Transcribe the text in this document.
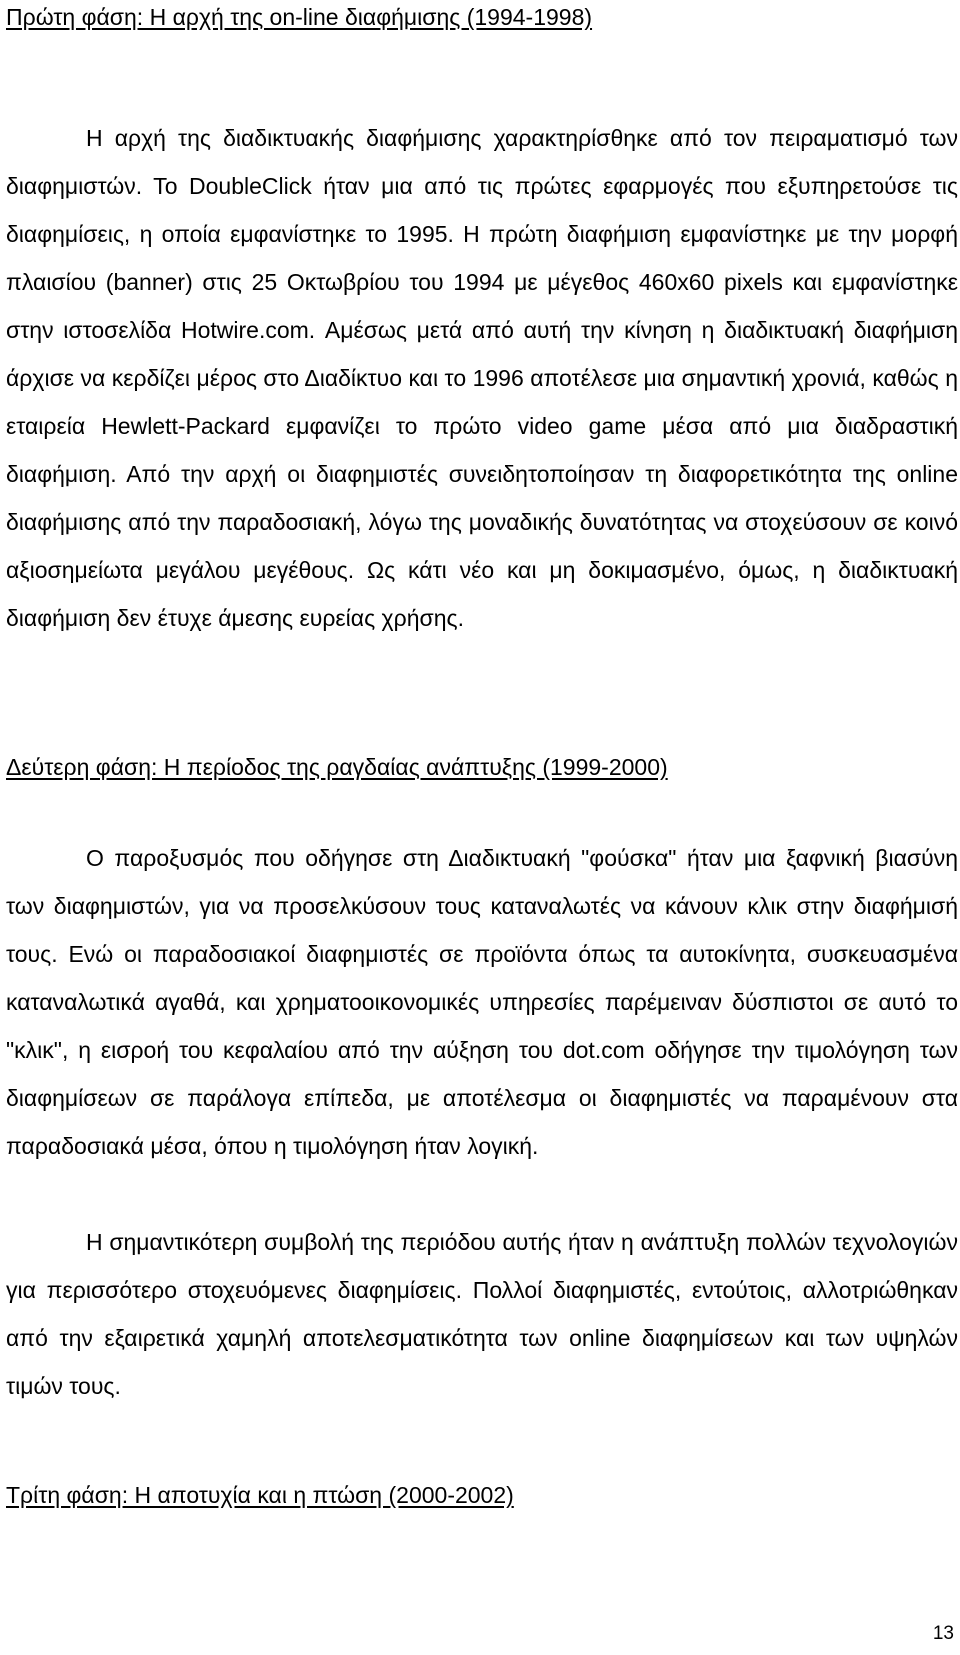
Πρώτη φάση: Η αρχή της on-line διαφήμισης (1994-1998)

Η αρχή της διαδικτυακής διαφήμισης χαρακτηρίσθηκε από τον πειραματισμό των διαφημιστών. Το DoubleClick ήταν μια από τις πρώτες εφαρμογές που εξυπηρετούσε τις διαφημίσεις, η οποία εμφανίστηκε το 1995. Η πρώτη διαφήμιση εμφανίστηκε με την μορφή πλαισίου (banner) στις 25 Οκτωβρίου του 1994 με μέγεθος 460x60 pixels και εμφανίστηκε στην ιστοσελίδα Hotwire.com. Αμέσως μετά από αυτή την κίνηση η διαδικτυακή διαφήμιση άρχισε να κερδίζει μέρος στο Διαδίκτυο και το 1996 αποτέλεσε μια σημαντική χρονιά, καθώς η εταιρεία Hewlett-Packard εμφανίζει το πρώτο video game μέσα από μια διαδραστική διαφήμιση. Από την αρχή οι διαφημιστές συνειδητοποίησαν τη διαφορετικότητα της online διαφήμισης από την παραδοσιακή, λόγω της μοναδικής δυνατότητας να στοχεύσουν σε κοινό αξιοσημείωτα μεγάλου μεγέθους. Ως κάτι νέο και μη δοκιμασμένο, όμως, η διαδικτυακή διαφήμιση δεν έτυχε άμεσης ευρείας χρήσης.

Δεύτερη φάση: Η περίοδος της ραγδαίας ανάπτυξης (1999-2000)

Ο παροξυσμός που οδήγησε στη Διαδικτυακή "φούσκα" ήταν μια ξαφνική βιασύνη των διαφημιστών, για να προσελκύσουν τους καταναλωτές να κάνουν κλικ στην διαφήμισή τους. Ενώ οι παραδοσιακοί διαφημιστές σε προϊόντα όπως τα αυτοκίνητα, συσκευασμένα καταναλωτικά αγαθά, και χρηματοοικονομικές υπηρεσίες παρέμειναν δύσπιστοι σε αυτό το "κλικ", η εισροή του κεφαλαίου από την αύξηση του dot.com οδήγησε την τιμολόγηση των διαφημίσεων σε παράλογα επίπεδα, με αποτέλεσμα οι διαφημιστές να παραμένουν στα παραδοσιακά μέσα, όπου η τιμολόγηση ήταν λογική.

Η σημαντικότερη συμβολή της περιόδου αυτής ήταν η ανάπτυξη πολλών τεχνολογιών για περισσότερο στοχευόμενες διαφημίσεις. Πολλοί διαφημιστές, εντούτοις, αλλοτριώθηκαν από την εξαιρετικά χαμηλή αποτελεσματικότητα των online διαφημίσεων και των υψηλών τιμών τους.

Τρίτη φάση: Η αποτυχία και η πτώση (2000-2002)
13
